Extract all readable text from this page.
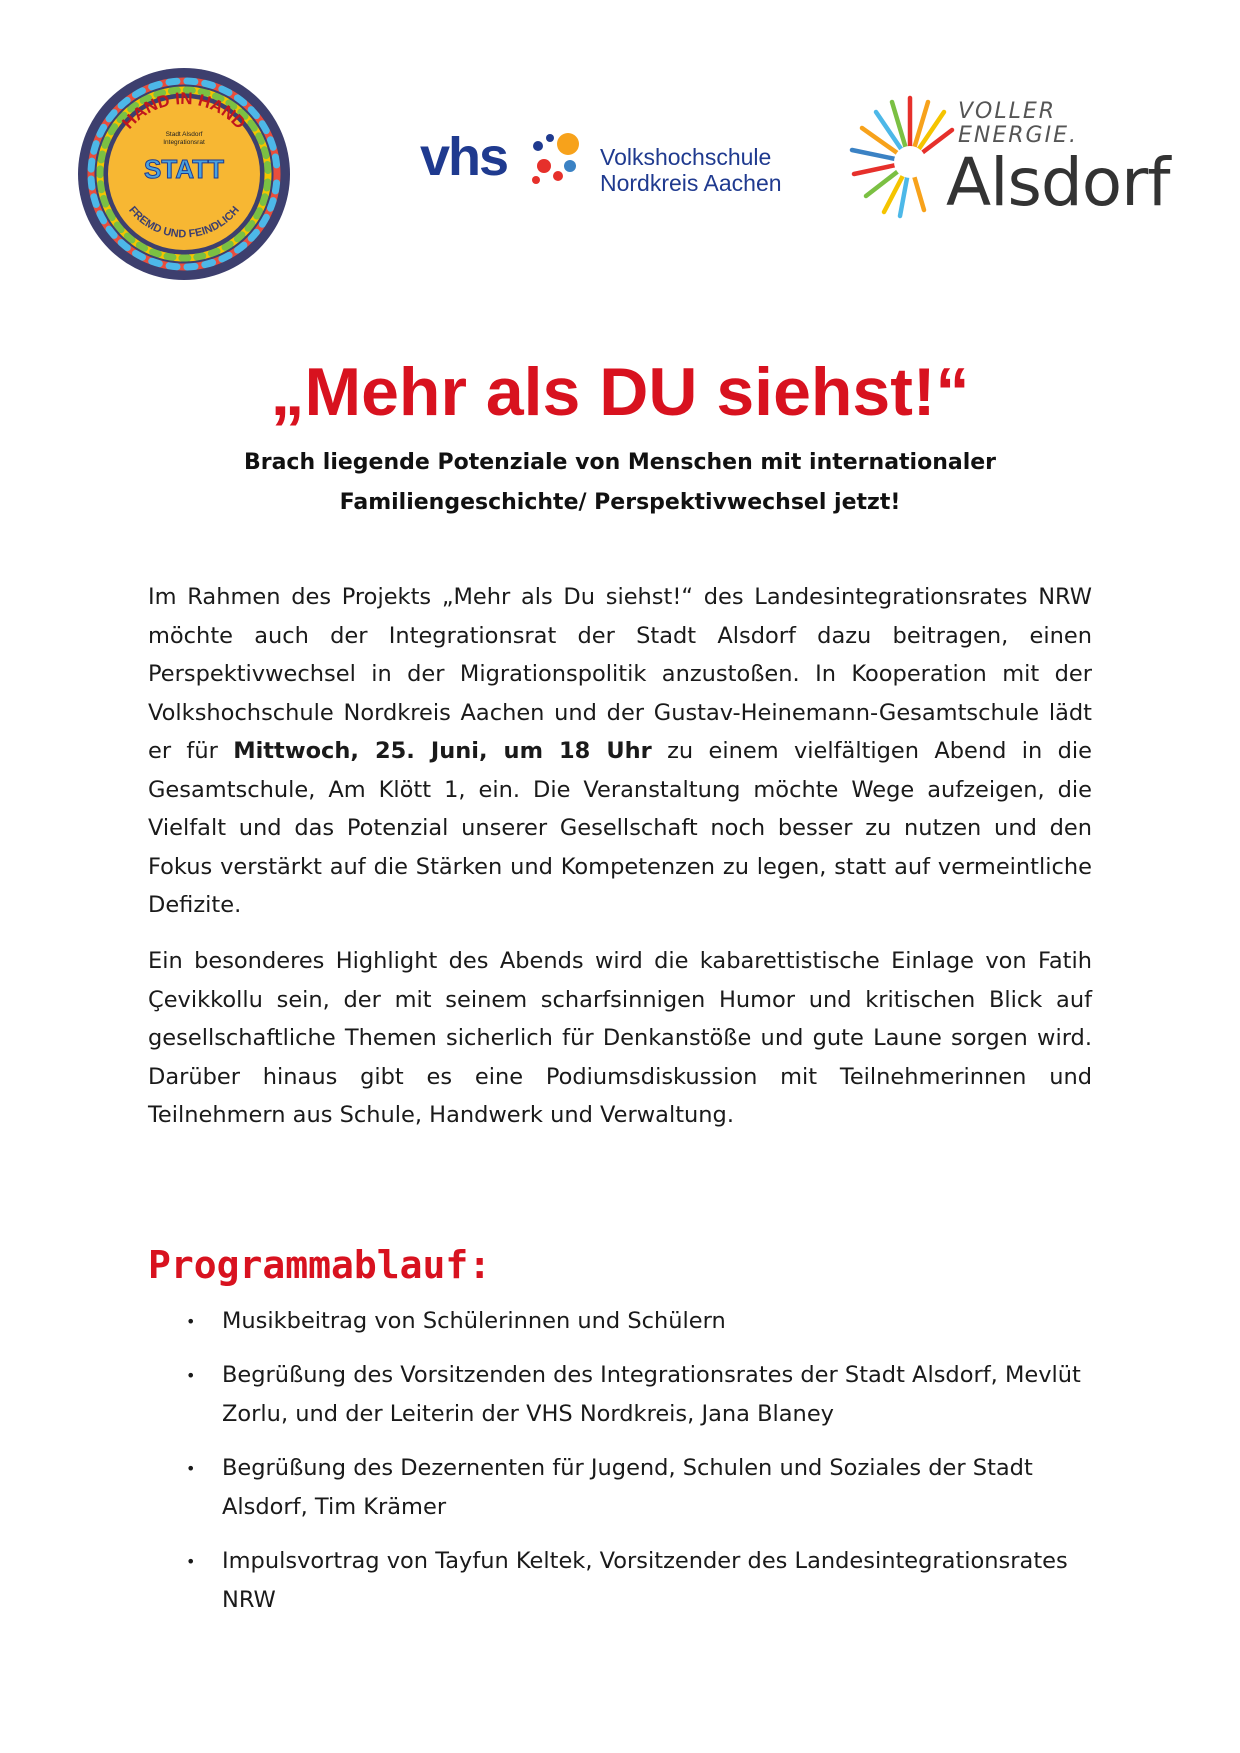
HAND IN HAND
FREMD UND FEINDLICH
Stadt Alsdorf
Integrationsrat
STATT	vhs	Volkshochschule
Nordkreis Aachen
VOLLER
ENERGIE.
Alsdorf
„Mehr als DU siehst!“
Brach liegende Potenziale von Menschen mit internationaler
Familiengeschichte/ Perspektivwechsel jetzt!

Im Rahmen des Projekts „Mehr als Du siehst!“ des Landesintegrationsrates NRW möchte auch der Integrationsrat der Stadt Alsdorf dazu beitragen, einen Perspektivwechsel in der Migrationspolitik anzustoßen. In Kooperation mit der Volkshochschule Nordkreis Aachen und der Gustav-Heinemann-Gesamtschule lädt er für Mittwoch, 25. Juni, um 18 Uhr zu einem vielfältigen Abend in die Gesamtschule, Am Klött 1, ein. Die Veranstaltung möchte Wege aufzeigen, die Vielfalt und das Potenzial unserer Gesellschaft noch besser zu nutzen und den Fokus verstärkt auf die Stärken und Kompetenzen zu legen, statt auf vermeintliche Defizite.

Ein besonderes Highlight des Abends wird die kabarettistische Einlage von Fatih Çevikkollu sein, der mit seinem scharfsinnigen Humor und kritischen Blick auf gesellschaftliche Themen sicherlich für Denkanstöße und gute Laune sorgen wird. Darüber hinaus gibt es eine Podiumsdiskussion mit Teilnehmerinnen und Teilnehmern aus Schule, Handwerk und Verwaltung.

Programmablauf:
• Musikbeitrag von Schülerinnen und Schülern
• Begrüßung des Vorsitzenden des Integrationsrates der Stadt Alsdorf, Mevlüt Zorlu, und der Leiterin der VHS Nordkreis, Jana Blaney
• Begrüßung des Dezernenten für Jugend, Schulen und Soziales der Stadt Alsdorf, Tim Krämer
• Impulsvortrag von Tayfun Keltek, Vorsitzender des Landesintegrationsrates NRW
